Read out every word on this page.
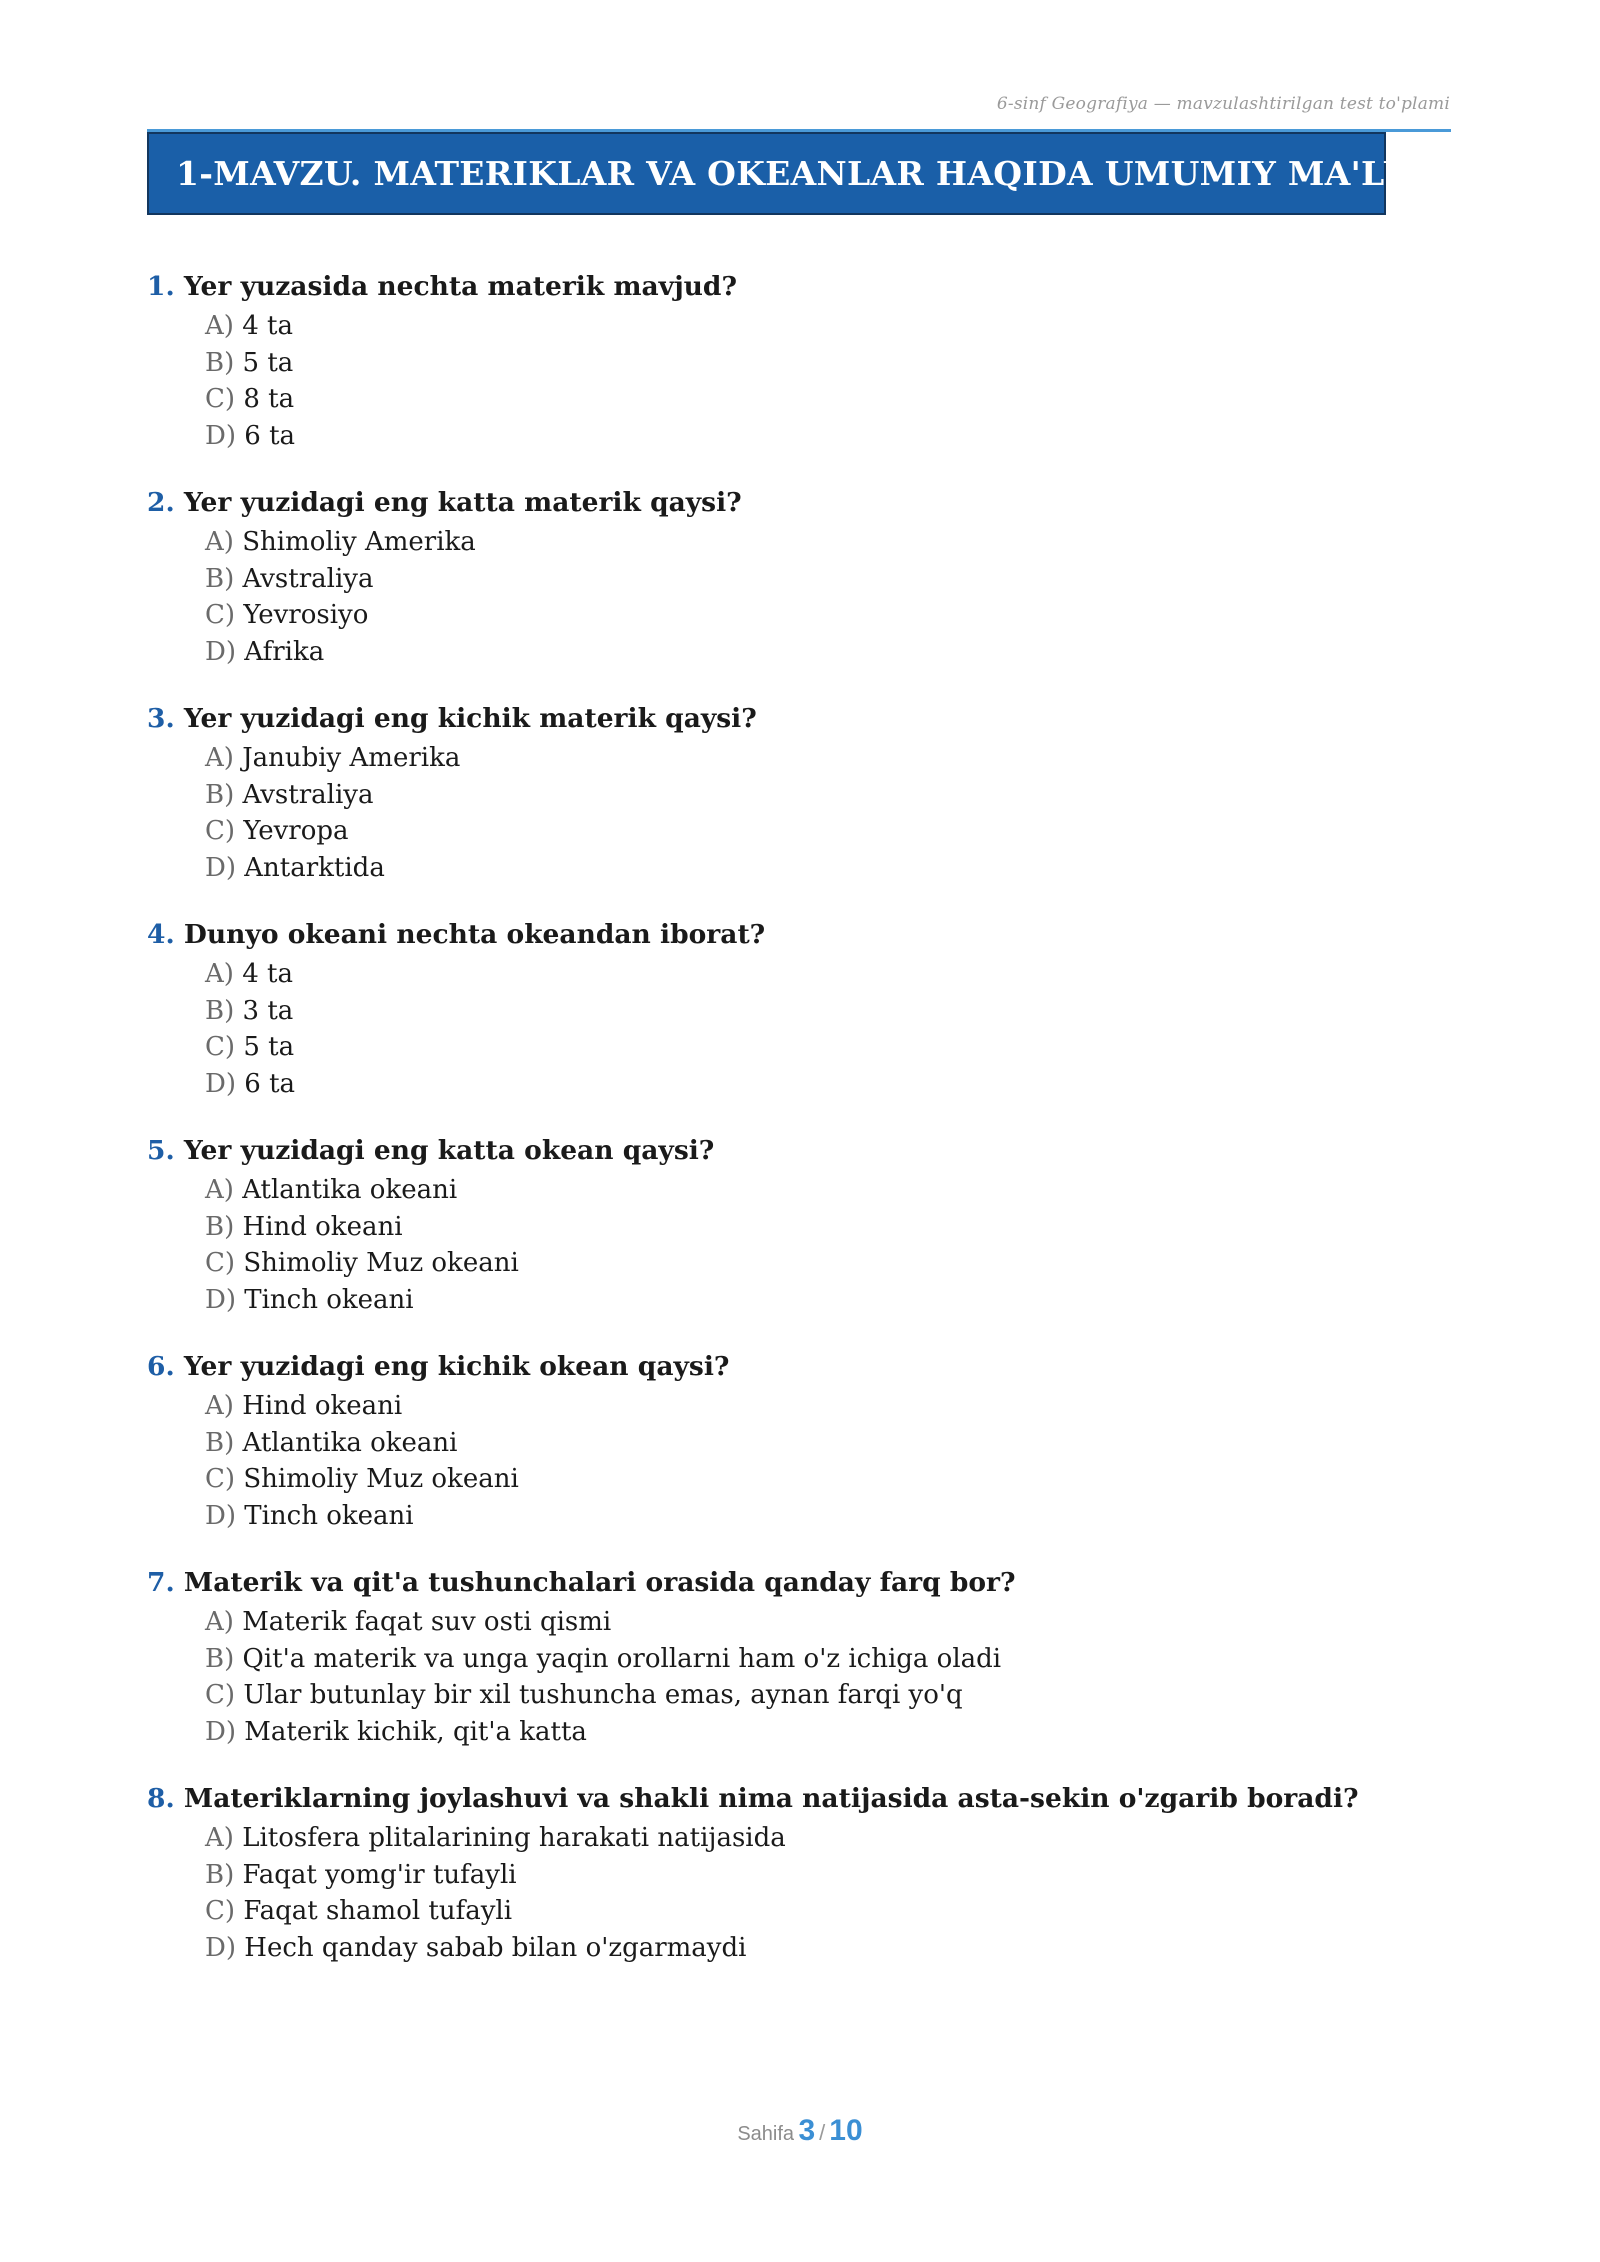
6-sinf Geografiya — mavzulashtirilgan test to'plami
1-MAVZU. MATERIKLAR VA OKEANLAR HAQIDA UMUMIY MA'LUMOT
1. Yer yuzasida nechta materik mavjud?
A) 4 ta
B) 5 ta
C) 8 ta
D) 6 ta
2. Yer yuzidagi eng katta materik qaysi?
A) Shimoliy Amerika
B) Avstraliya
C) Yevrosiyo
D) Afrika
3. Yer yuzidagi eng kichik materik qaysi?
A) Janubiy Amerika
B) Avstraliya
C) Yevropa
D) Antarktida
4. Dunyo okeani nechta okeandan iborat?
A) 4 ta
B) 3 ta
C) 5 ta
D) 6 ta
5. Yer yuzidagi eng katta okean qaysi?
A) Atlantika okeani
B) Hind okeani
C) Shimoliy Muz okeani
D) Tinch okeani
6. Yer yuzidagi eng kichik okean qaysi?
A) Hind okeani
B) Atlantika okeani
C) Shimoliy Muz okeani
D) Tinch okeani
7. Materik va qit'a tushunchalari orasida qanday farq bor?
A) Materik faqat suv osti qismi
B) Qit'a materik va unga yaqin orollarni ham o'z ichiga oladi
C) Ular butunlay bir xil tushuncha emas, aynan farqi yo'q
D) Materik kichik, qit'a katta
8. Materiklarning joylashuvi va shakli nima natijasida asta-sekin o'zgarib boradi?
A) Litosfera plitalarining harakati natijasida
B) Faqat yomg'ir tufayli
C) Faqat shamol tufayli
D) Hech qanday sabab bilan o'zgarmaydi
Sahifa 3 / 10
